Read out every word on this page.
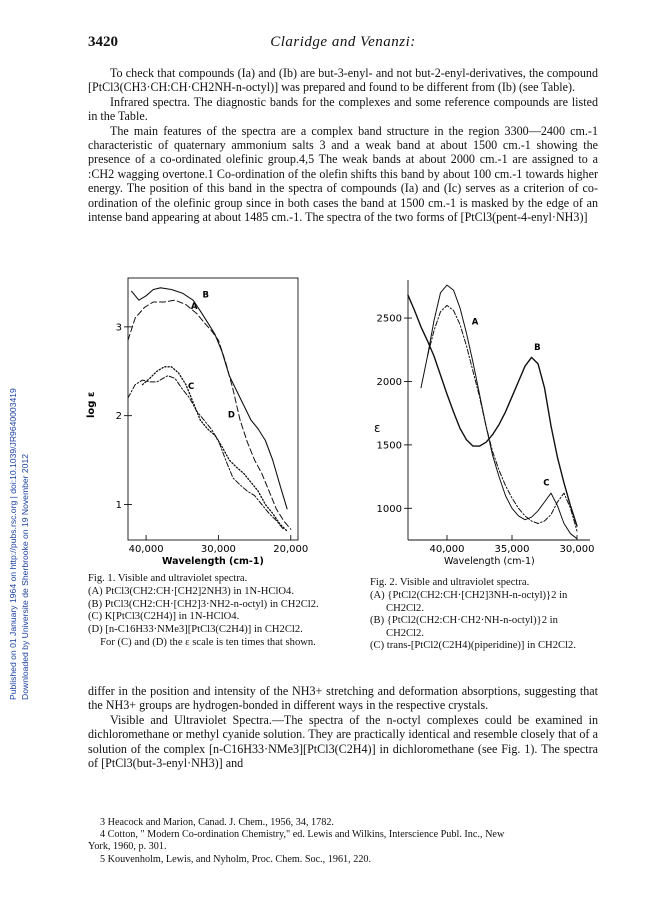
Published on 01 January 1964 on http://pubs.rsc.org | doi:10.1039/JR9640003419 Downloaded by Universite de Sherbrooke on 19 November 2012
3420	Claridge and Venanzi:

To check that compounds (Ia) and (Ib) are but-3-enyl- and not but-2-enyl-derivatives, the compound [PtCl3(CH3·CH:CH·CH2NH-n-octyl)] was prepared and found to be different from (Ib) (see Table).

Infrared spectra. The diagnostic bands for the complexes and some reference compounds are listed in the Table.

The main features of the spectra are a complex band structure in the region 3300—2400 cm.-1 characteristic of quaternary ammonium salts 3 and a weak band at about 1500 cm.-1 showing the presence of a co-ordinated olefinic group.4,5 The weak bands at about 2000 cm.-1 are assigned to a :CH2 wagging overtone.1 Co-ordination of the olefin shifts this band by about 100 cm.-1 towards higher energy. The position of this band in the spectra of compounds (Ia) and (Ic) serves as a criterion of co-ordination of the olefinic group since in both cases the band at 1500 cm.-1 is masked by the edge of an intense band appearing at about 1485 cm.-1. The spectra of the two forms of [PtCl3(pent-4-enyl·NH3)]

40,000	30,000	20,000
1
2
3
A
B
C
D
Wavelength (cm-1)
log ε

Fig. 1. Visible and ultraviolet spectra.

(A) PtCl3(CH2:CH·[CH2]2NH3) in 1N-HClO4.

(B) PtCl3(CH2:CH·[CH2]3·NH2-n-octyl) in CH2Cl2.

(C) K[PtCl3(C2H4)] in 1N-HClO4.

(D) [n-C16H33·NMe3][PtCl3(C2H4)] in CH2Cl2.

For (C) and (D) the ε scale is ten times that shown.

40,000	35,000	30,000
1000
1500
2000
2500	A
B
C
Wavelength (cm-1)
ε

Fig. 2. Visible and ultraviolet spectra.

(A) {PtCl2(CH2:CH·[CH2]3NH-n-octyl)}2 in CH2Cl2.

(B) {PtCl2(CH2:CH·CH2·NH-n-octyl)}2 in CH2Cl2.

(C) trans-[PtCl2(C2H4)(piperidine)] in CH2Cl2.

differ in the position and intensity of the NH3+ stretching and deformation absorptions, suggesting that the NH3+ groups are hydrogen-bonded in different ways in the respective crystals.

Visible and Ultraviolet Spectra.—The spectra of the n-octyl complexes could be examined in dichloromethane or methyl cyanide solution. They are practically identical and resemble closely that of a solution of the complex [n-C16H33·NMe3][PtCl3(C2H4)] in dichloromethane (see Fig. 1). The spectra of [PtCl3(but-3-enyl·NH3)] and

3 Heacock and Marion, Canad. J. Chem., 1956, 34, 1782.

4 Cotton, " Modern Co-ordination Chemistry," ed. Lewis and Wilkins, Interscience Publ. Inc., New

York, 1960, p. 301.

5 Kouvenholm, Lewis, and Nyholm, Proc. Chem. Soc., 1961, 220.
